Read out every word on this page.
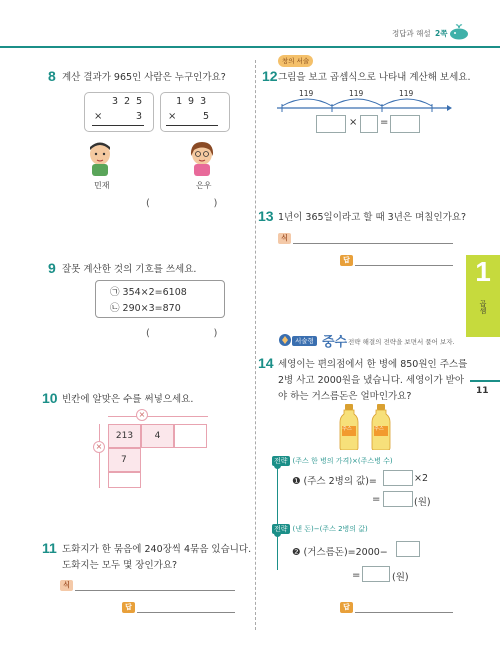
정답과 해설 2쪽
1
곱셈
11
8 계산 결과가 965인 사람은 누구인가요?
3 2 5
×	3
1 9 3
×	5
민재	은우
(                    )
9 잘못 계산한 것의 기호를 쓰세요.
㉠ 354×2=6108
㉡ 290×3=870
(                    )
10 빈칸에 알맞은 수를 써넣으세요.
×
×
213	4
7
11 도화지가 한 묶음에 240장씩 4묶음 있습니다.
도화지는 모두 몇 장인가요?
식
답
창의 서술
12 그림을 보고 곱셈식으로 나타내 계산해 보세요.
119	119	119
× =
13 1년이 365일이라고 할 때 3년은 며칠인가요?
식
답
서술형 중수 전략 해결의 전략을 보면서 풀어 보자.
14 세영이는 편의점에서 한 병에 850원인 주스를
2병 사고 2000원을 냈습니다. 세영이가 받아
야 하는 거스름돈은 얼마인가요?
주스	주스
전략 (주스 한 병의 가격)×(주스병 수)
❶ (주스 2병의 값)=	×2
=	(원)
전략 (낸 돈)−(주스 2병의 값)
❷ (거스름돈)=2000−
=	(원)
답
